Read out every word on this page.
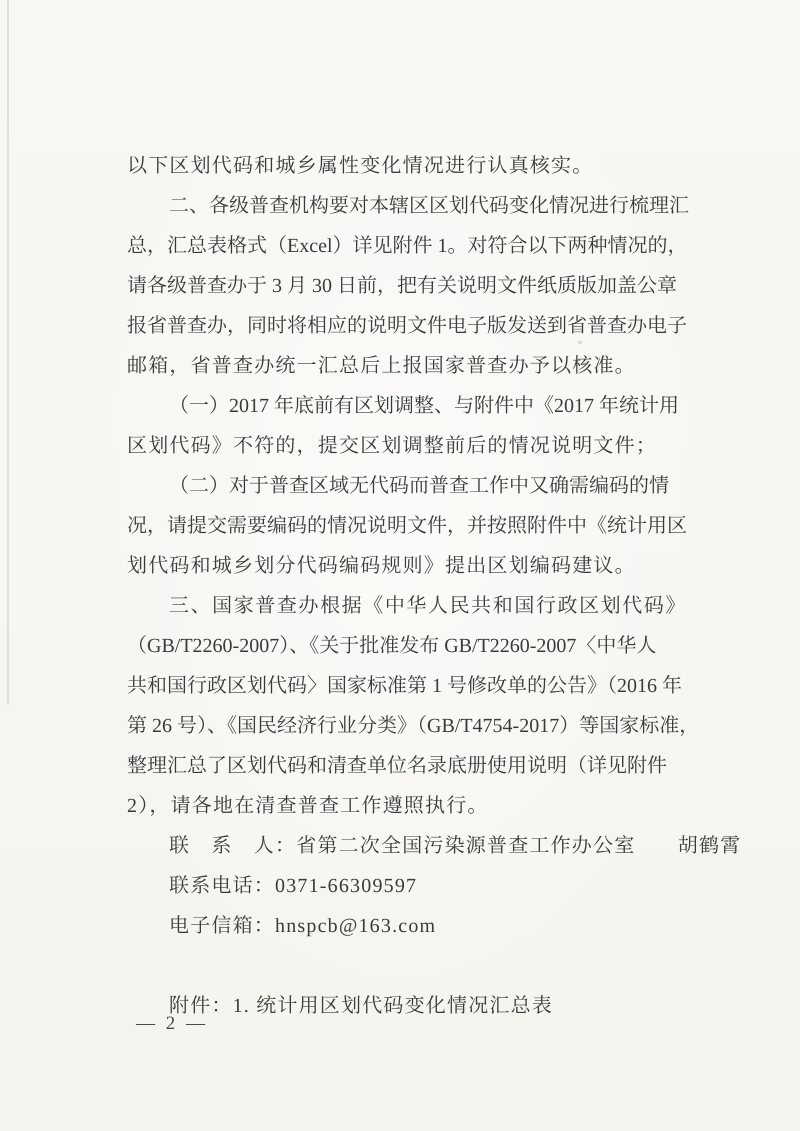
以下区划代码和城乡属性变化情况进行认真核实。
二、各级普查机构要对本辖区区划代码变化情况进行梳理汇
总，汇总表格式（Excel）详见附件 1。对符合以下两种情况的，
请各级普查办于 3 月 30 日前，把有关说明文件纸质版加盖公章
报省普查办，同时将相应的说明文件电子版发送到省普查办电子
邮箱，省普查办统一汇总后上报国家普查办予以核准。
（一）2017 年底前有区划调整、与附件中《2017 年统计用
区划代码》不符的，提交区划调整前后的情况说明文件；
（二）对于普查区域无代码而普查工作中又确需编码的情
况，请提交需要编码的情况说明文件，并按照附件中《统计用区
划代码和城乡划分代码编码规则》提出区划编码建议。
三、国家普查办根据《中华人民共和国行政区划代码》
（GB/T2260-2007）、《关于批准发布 GB/T2260-2007〈中华人
共和国行政区划代码〉国家标准第 1 号修改单的公告》（2016 年
第 26 号）、《国民经济行业分类》（GB/T4754-2017）等国家标准，
整理汇总了区划代码和清查单位名录底册使用说明（详见附件
2），请各地在清查普查工作遵照执行。
联　系　人：省第二次全国污染源普查工作办公室　　胡鹤霄
联系电话：0371-66309597
电子信箱：hnspcb@163.com
附件：1. 统计用区划代码变化情况汇总表
— 2 —
